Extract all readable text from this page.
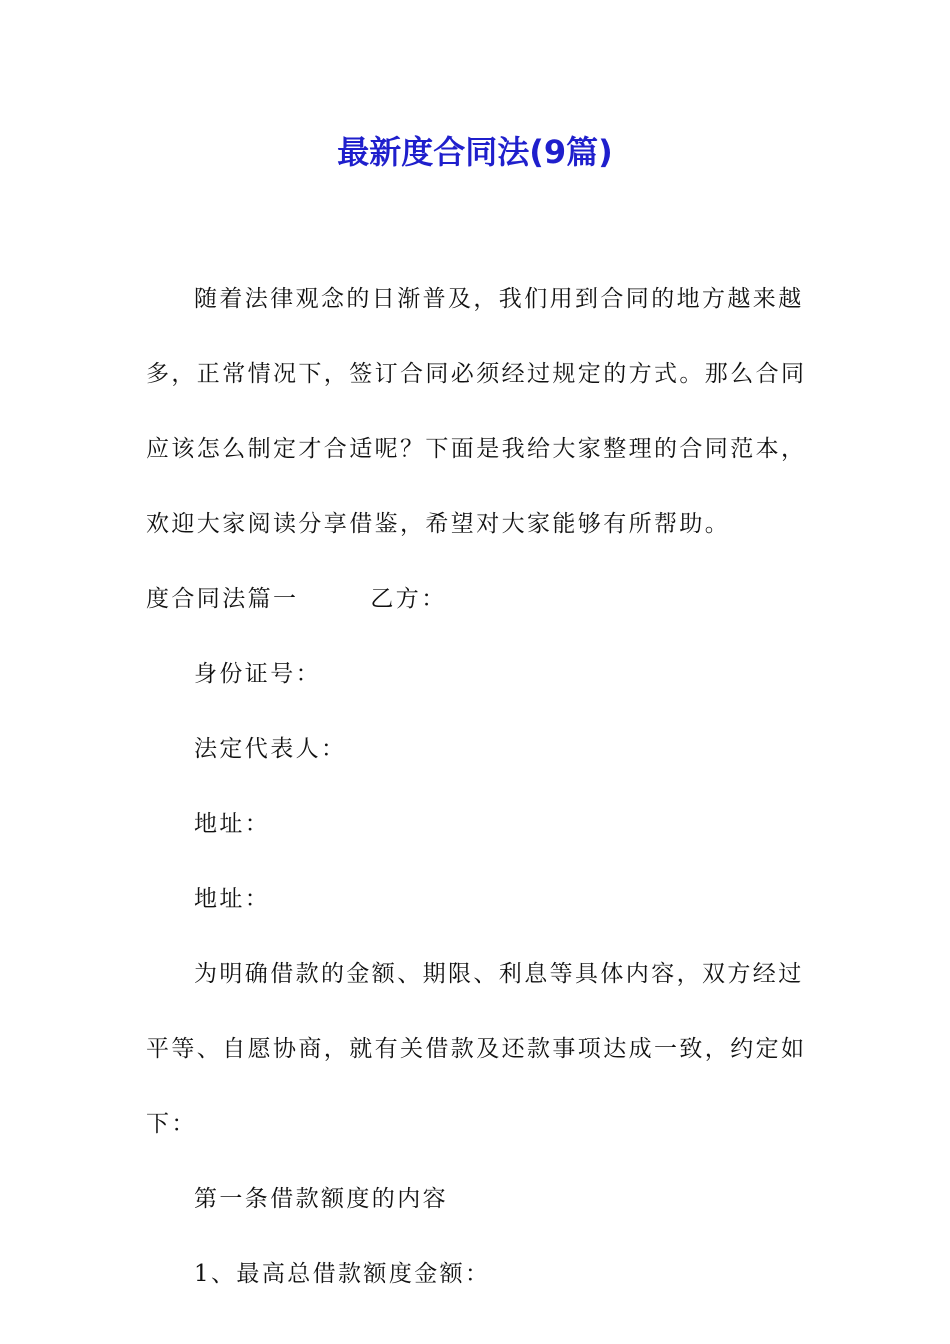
最新度合同法(9篇)

随着法律观念的日渐普及，我们用到合同的地方越来越多，正常情况下，签订合同必须经过规定的方式。那么合同应该怎么制定才合适呢？下面是我给大家整理的合同范本，欢迎大家阅读分享借鉴，希望对大家能够有所帮助。

度合同法篇一	乙方：

身份证号：

法定代表人：

地址：

地址：

为明确借款的金额、期限、利息等具体内容，双方经过平等、自愿协商，就有关借款及还款事项达成一致，约定如下：

第一条借款额度的内容

1、最高总借款额度金额：
